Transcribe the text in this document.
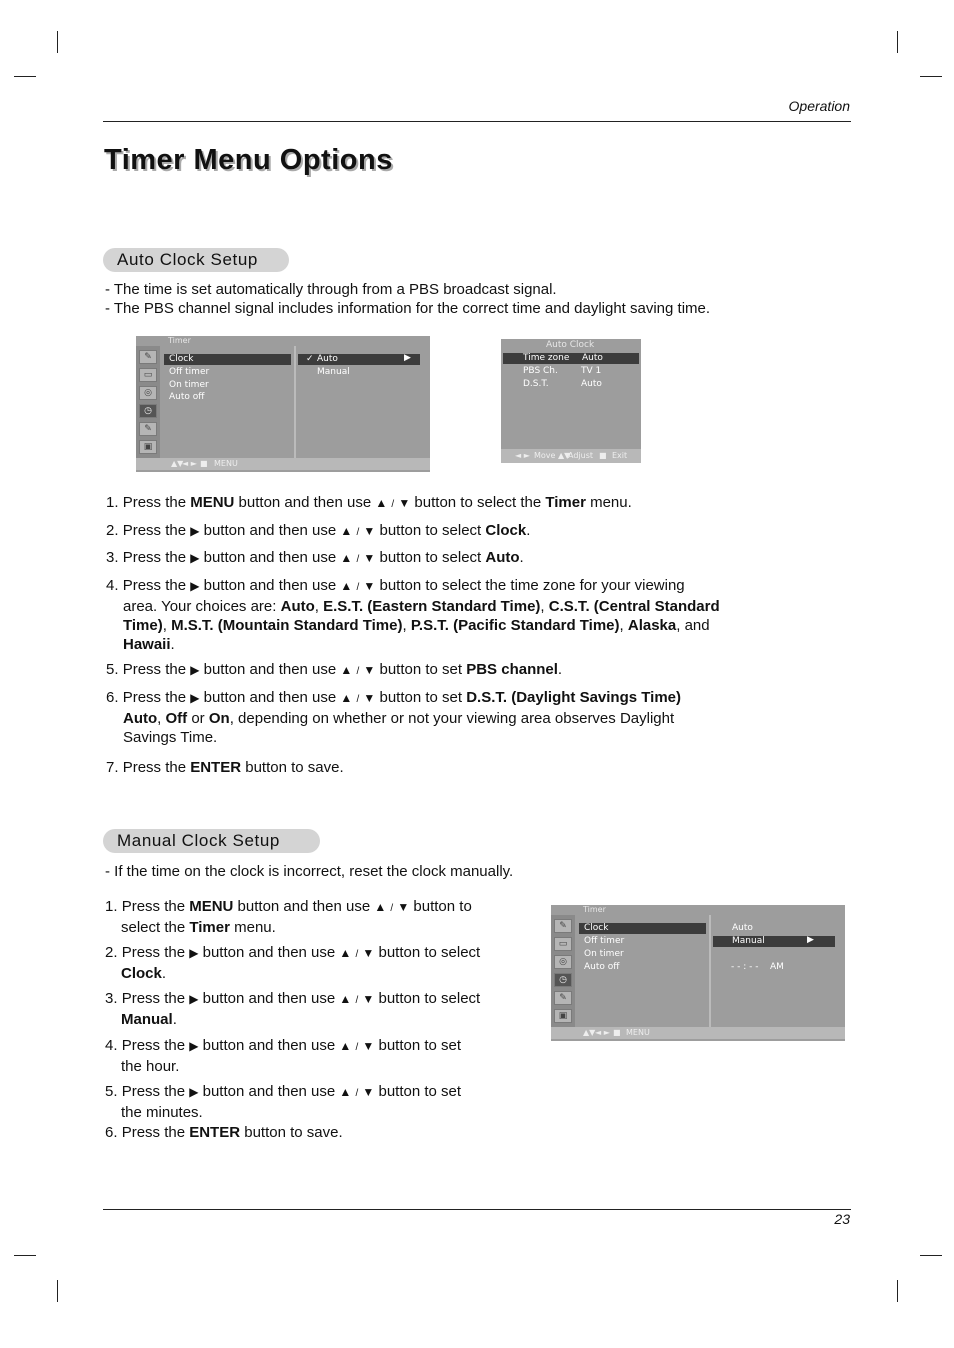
Operation
Timer Menu Options
Auto Clock Setup
- The time is set automatically through from a PBS broadcast signal.
- The PBS channel signal includes information for the correct time and daylight saving time.
Timer
✎
▭
◎
◷
✎
▣
Clock
Off timer
On timer
Auto off
✓ Auto	▶
Manual
▲▼
◄ ► ■ MENU
Auto Clock
Time zone Auto
PBS Ch.	TV 1
D.S.T.	Auto
◄ ► Move ▲▼
Adjust ■ Exit
1. Press the MENU button and then use ▲ / ▼ button to select the Timer menu.
2. Press the ▶ button and then use ▲ / ▼ button to select Clock.
3. Press the ▶ button and then use ▲ / ▼ button to select Auto.
4. Press the ▶ button and then use ▲ / ▼ button to select the time zone for your viewing
area. Your choices are: Auto, E.S.T. (Eastern Standard Time), C.S.T. (Central Standard
Time), M.S.T. (Mountain Standard Time), P.S.T. (Pacific Standard Time), Alaska, and
Hawaii.
5. Press the ▶ button and then use ▲ / ▼ button to set PBS channel.
6. Press the ▶ button and then use ▲ / ▼ button to set D.S.T. (Daylight Savings Time)
Auto, Off or On, depending on whether or not your viewing area observes Daylight
Savings Time.
7. Press the ENTER button to save.
Manual Clock Setup
- If the time on the clock is incorrect, reset the clock manually.
1. Press the MENU button and then use ▲ / ▼ button to
select the Timer menu.
2. Press the ▶ button and then use ▲ / ▼ button to select
Clock.
3. Press the ▶ button and then use ▲ / ▼ button to select
Manual.
4. Press the ▶ button and then use ▲ / ▼ button to set
the hour.
5. Press the ▶ button and then use ▲ / ▼ button to set
the minutes.
6. Press the ENTER button to save.
Timer
✎
▭
◎
◷
✎
▣
Clock
Off timer
On timer
Auto off
Auto
Manual	▶
- - : - - AM
▲▼ ◄ ► ■ MENU
23
